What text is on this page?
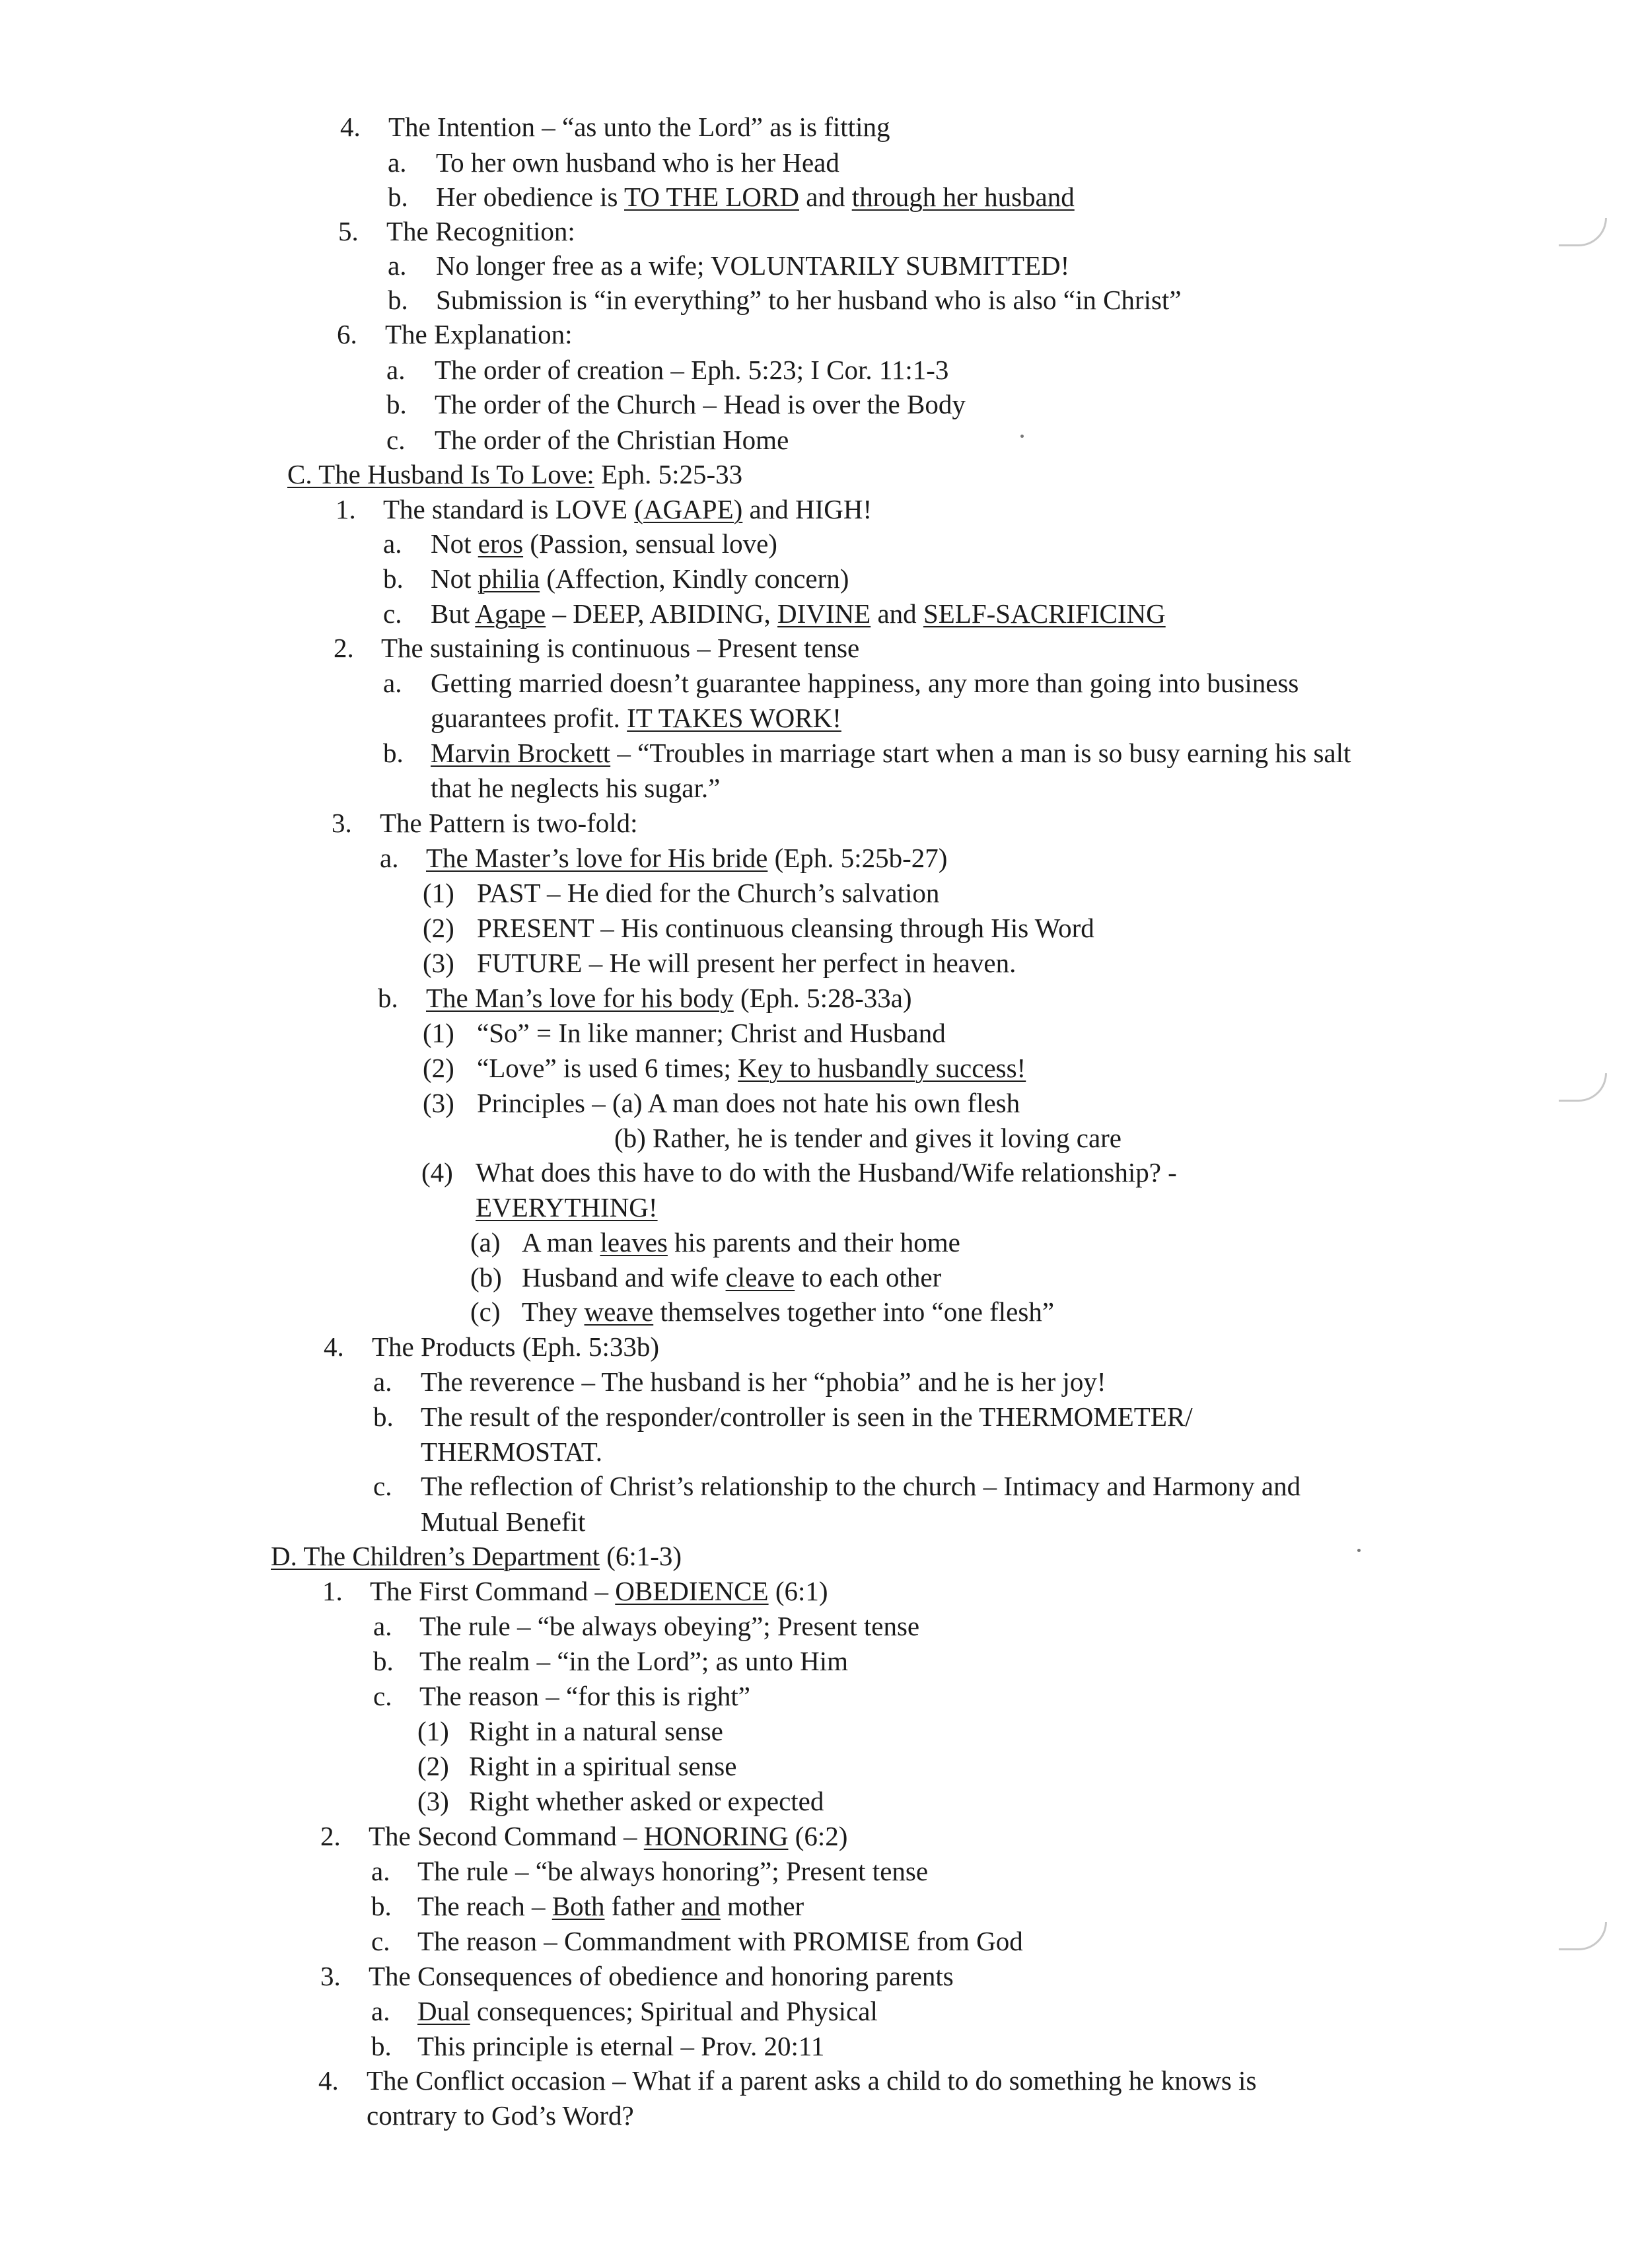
4. The Intention – “as unto the Lord” as is fitting
a. To her own husband who is her Head
b. Her obedience is TO THE LORD and through her husband
5. The Recognition:
a. No longer free as a wife; VOLUNTARILY SUBMITTED!
b. Submission is “in everything” to her husband who is also “in Christ”
6. The Explanation:
a. The order of creation – Eph. 5:23; I Cor. 11:1-3
b. The order of the Church – Head is over the Body
c. The order of the Christian Home
C. The Husband Is To Love: Eph. 5:25-33
1. The standard is LOVE (AGAPE) and HIGH!
a. Not eros (Passion, sensual love)
b. Not philia (Affection, Kindly concern)
c. But Agape – DEEP, ABIDING, DIVINE and SELF-SACRIFICING
2. The sustaining is continuous – Present tense
a. Getting married doesn’t guarantee happiness, any more than going into business
guarantees profit. IT TAKES WORK!
b. Marvin Brockett – “Troubles in marriage start when a man is so busy earning his salt
that he neglects his sugar.”
3. The Pattern is two-fold:
a. The Master’s love for His bride (Eph. 5:25b-27)
(1) PAST – He died for the Church’s salvation
(2) PRESENT – His continuous cleansing through His Word
(3) FUTURE – He will present her perfect in heaven.
b. The Man’s love for his body (Eph. 5:28-33a)
(1) “So” = In like manner; Christ and Husband
(2) “Love” is used 6 times; Key to husbandly success!
(3) Principles – (a) A man does not hate his own flesh
(b) Rather, he is tender and gives it loving care
(4) What does this have to do with the Husband/Wife relationship? -
EVERYTHING!
(a) A man leaves his parents and their home
(b) Husband and wife cleave to each other
(c) They weave themselves together into “one flesh”
4. The Products (Eph. 5:33b)
a. The reverence – The husband is her “phobia” and he is her joy!
b. The result of the responder/controller is seen in the THERMOMETER/
THERMOSTAT.
c. The reflection of Christ’s relationship to the church – Intimacy and Harmony and
Mutual Benefit
D. The Children’s Department (6:1-3)
1. The First Command – OBEDIENCE (6:1)
a. The rule – “be always obeying”; Present tense
b. The realm – “in the Lord”; as unto Him
c. The reason – “for this is right”
(1) Right in a natural sense
(2) Right in a spiritual sense
(3) Right whether asked or expected
2. The Second Command – HONORING (6:2)
a. The rule – “be always honoring”; Present tense
b. The reach – Both father and mother
c. The reason – Commandment with PROMISE from God
3. The Consequences of obedience and honoring parents
a. Dual consequences; Spiritual and Physical
b. This principle is eternal – Prov. 20:11
4. The Conflict occasion – What if a parent asks a child to do something he knows is
contrary to God’s Word?
